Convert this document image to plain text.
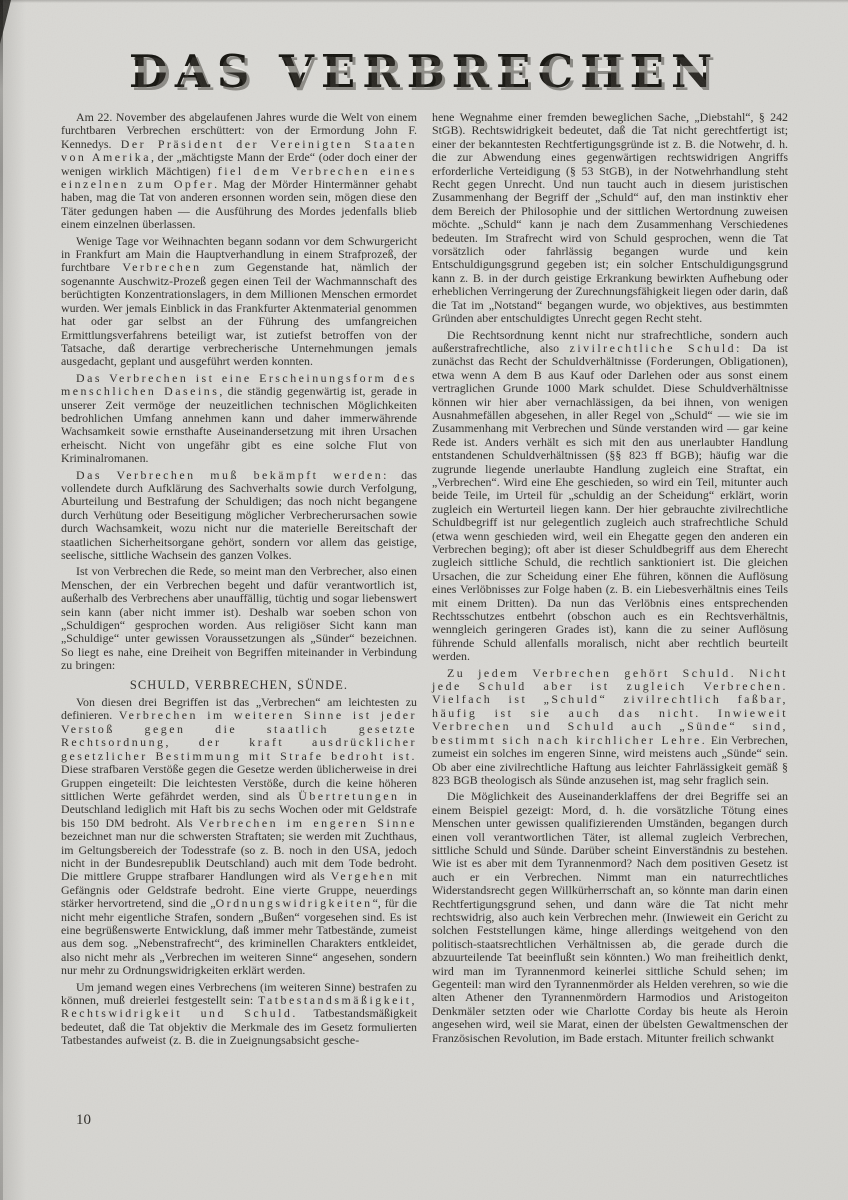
DAS VERBRECHEN

Am 22. November des abgelaufenen Jahres wurde die Welt von einem furchtbaren Verbrechen erschüttert: von der Ermordung John F. Kennedys. Der Präsident der Vereinigten Staaten von Amerika, der „mächtigste Mann der Erde“ (oder doch einer der wenigen wirklich Mächtigen) fiel dem Verbrechen eines einzelnen zum Opfer. Mag der Mörder Hintermänner gehabt haben, mag die Tat von anderen ersonnen worden sein, mögen diese den Täter gedungen haben — die Ausführung des Mordes jedenfalls blieb einem einzelnen überlassen.

Wenige Tage vor Weihnachten begann sodann vor dem Schwurgericht in Frankfurt am Main die Hauptverhandlung in einem Strafprozeß, der furchtbare Verbrechen zum Gegenstande hat, nämlich der sogenannte Auschwitz-Prozeß gegen einen Teil der Wachmannschaft des berüchtigten Konzentrationslagers, in dem Millionen Menschen ermordet wurden. Wer jemals Einblick in das Frankfurter Aktenmaterial genommen hat oder gar selbst an der Führung des umfangreichen Ermittlungsverfahrens beteiligt war, ist zutiefst betroffen von der Tatsache, daß derartige verbrecherische Unternehmungen jemals ausgedacht, geplant und ausgeführt werden konnten.

Das Verbrechen ist eine Erscheinungsform des menschlichen Daseins, die ständig gegenwärtig ist, gerade in unserer Zeit vermöge der neuzeitlichen technischen Möglichkeiten bedrohlichen Umfang annehmen kann und daher immerwährende Wachsamkeit sowie ernsthafte Auseinandersetzung mit ihren Ursachen erheischt. Nicht von ungefähr gibt es eine solche Flut von Kriminalromanen.

Das Verbrechen muß bekämpft werden: das vollendete durch Aufklärung des Sachverhalts sowie durch Verfolgung, Aburteilung und Bestrafung der Schuldigen; das noch nicht begangene durch Verhütung oder Beseitigung möglicher Verbrecherursachen sowie durch Wachsamkeit, wozu nicht nur die materielle Bereitschaft der staatlichen Sicherheitsorgane gehört, sondern vor allem das geistige, seelische, sittliche Wachsein des ganzen Volkes.

Ist von Verbrechen die Rede, so meint man den Verbrecher, also einen Menschen, der ein Verbrechen begeht und dafür verantwortlich ist, außerhalb des Verbrechens aber unauffällig, tüchtig und sogar liebenswert sein kann (aber nicht immer ist). Deshalb war soeben schon von „Schuldigen“ gesprochen worden. Aus religiöser Sicht kann man „Schuldige“ unter gewissen Voraussetzungen als „Sünder“ bezeichnen. So liegt es nahe, eine Dreiheit von Begriffen miteinander in Verbindung zu bringen:

SCHULD, VERBRECHEN, SÜNDE.

Von diesen drei Begriffen ist das „Verbrechen“ am leichtesten zu definieren. Verbrechen im weiteren Sinne ist jeder Verstoß gegen die staatlich gesetzte Rechtsordnung, der kraft ausdrücklicher gesetzlicher Bestimmung mit Strafe bedroht ist. Diese strafbaren Verstöße gegen die Gesetze werden üblicherweise in drei Gruppen eingeteilt: Die leichtesten Verstöße, durch die keine höheren sittlichen Werte gefährdet werden, sind als Übertretungen in Deutschland lediglich mit Haft bis zu sechs Wochen oder mit Geldstrafe bis 150 DM bedroht. Als Verbrechen im engeren Sinne bezeichnet man nur die schwersten Straftaten; sie werden mit Zuchthaus, im Geltungsbereich der Todesstrafe (so z. B. noch in den USA, jedoch nicht in der Bundesrepublik Deutschland) auch mit dem Tode bedroht. Die mittlere Gruppe strafbarer Handlungen wird als Vergehen mit Gefängnis oder Geldstrafe bedroht. Eine vierte Gruppe, neuerdings stärker hervortretend, sind die „Ordnungswidrigkeiten“, für die nicht mehr eigentliche Strafen, sondern „Bußen“ vorgesehen sind. Es ist eine begrüßenswerte Entwicklung, daß immer mehr Tatbestände, zumeist aus dem sog. „Nebenstrafrecht“, des kriminellen Charakters entkleidet, also nicht mehr als „Verbrechen im weiteren Sinne“ angesehen, sondern nur mehr zu Ordnungswidrigkeiten erklärt werden.

Um jemand wegen eines Verbrechens (im weiteren Sinne) bestrafen zu können, muß dreierlei festgestellt sein: Tatbestandsmäßigkeit, Rechtswidrigkeit und Schuld. Tatbestandsmäßigkeit bedeutet, daß die Tat objektiv die Merkmale des im Gesetz formulierten Tatbestandes aufweist (z. B. die in Zueignungsabsicht gesche-

hene Wegnahme einer fremden beweglichen Sache, „Diebstahl“, § 242 StGB). Rechtswidrigkeit bedeutet, daß die Tat nicht gerechtfertigt ist; einer der bekanntesten Rechtfertigungsgründe ist z. B. die Notwehr, d. h. die zur Abwendung eines gegenwärtigen rechtswidrigen Angriffs erforderliche Verteidigung (§ 53 StGB), in der Notwehrhandlung steht Recht gegen Unrecht. Und nun taucht auch in diesem juristischen Zusammenhang der Begriff der „Schuld“ auf, den man instinktiv eher dem Bereich der Philosophie und der sittlichen Wertordnung zuweisen möchte. „Schuld“ kann je nach dem Zusammenhang Verschiedenes bedeuten. Im Strafrecht wird von Schuld gesprochen, wenn die Tat vorsätzlich oder fahrlässig begangen wurde und kein Entschuldigungsgrund gegeben ist; ein solcher Entschuldigungsgrund kann z. B. in der durch geistige Erkrankung bewirkten Aufhebung oder erheblichen Verringerung der Zurechnungsfähigkeit liegen oder darin, daß die Tat im „Notstand“ begangen wurde, wo objektives, aus bestimmten Gründen aber entschuldigtes Unrecht gegen Recht steht.

Die Rechtsordnung kennt nicht nur strafrechtliche, sondern auch außerstrafrechtliche, also zivilrechtliche Schuld: Da ist zunächst das Recht der Schuldverhältnisse (Forderungen, Obligationen), etwa wenn A dem B aus Kauf oder Darlehen oder aus sonst einem vertraglichen Grunde 1000 Mark schuldet. Diese Schuldverhältnisse können wir hier aber vernachlässigen, da bei ihnen, von wenigen Ausnahmefällen abgesehen, in aller Regel von „Schuld“ — wie sie im Zusammenhang mit Verbrechen und Sünde verstanden wird — gar keine Rede ist. Anders verhält es sich mit den aus unerlaubter Handlung entstandenen Schuldverhältnissen (§§ 823 ff BGB); häufig war die zugrunde liegende unerlaubte Handlung zugleich eine Straftat, ein „Verbrechen“. Wird eine Ehe geschieden, so wird ein Teil, mitunter auch beide Teile, im Urteil für „schuldig an der Scheidung“ erklärt, worin zugleich ein Werturteil liegen kann. Der hier gebrauchte zivilrechtliche Schuldbegriff ist nur gelegentlich zugleich auch strafrechtliche Schuld (etwa wenn geschieden wird, weil ein Ehegatte gegen den anderen ein Verbrechen beging); oft aber ist dieser Schuldbegriff aus dem Eherecht zugleich sittliche Schuld, die rechtlich sanktioniert ist. Die gleichen Ursachen, die zur Scheidung einer Ehe führen, können die Auflösung eines Verlöbnisses zur Folge haben (z. B. ein Liebesverhältnis eines Teils mit einem Dritten). Da nun das Verlöbnis eines entsprechenden Rechtsschutzes entbehrt (obschon auch es ein Rechtsverhältnis, wenngleich geringeren Grades ist), kann die zu seiner Auflösung führende Schuld allenfalls moralisch, nicht aber rechtlich beurteilt werden.

Zu jedem Verbrechen gehört Schuld. Nicht jede Schuld aber ist zugleich Verbrechen. Vielfach ist „Schuld“ zivilrechtlich faßbar, häufig ist sie auch das nicht. Inwieweit Verbrechen und Schuld auch „Sünde“ sind, bestimmt sich nach kirchlicher Lehre. Ein Verbrechen, zumeist ein solches im engeren Sinne, wird meistens auch „Sünde“ sein. Ob aber eine zivilrechtliche Haftung aus leichter Fahrlässigkeit gemäß § 823 BGB theologisch als Sünde anzusehen ist, mag sehr fraglich sein.

Die Möglichkeit des Auseinanderklaffens der drei Begriffe sei an einem Beispiel gezeigt: Mord, d. h. die vorsätzliche Tötung eines Menschen unter gewissen qualifizierenden Umständen, begangen durch einen voll verantwortlichen Täter, ist allemal zugleich Verbrechen, sittliche Schuld und Sünde. Darüber scheint Einverständnis zu bestehen. Wie ist es aber mit dem Tyrannenmord? Nach dem positiven Gesetz ist auch er ein Verbrechen. Nimmt man ein naturrechtliches Widerstandsrecht gegen Willkürherrschaft an, so könnte man darin einen Rechtfertigungsgrund sehen, und dann wäre die Tat nicht mehr rechtswidrig, also auch kein Verbrechen mehr. (Inwieweit ein Gericht zu solchen Feststellungen käme, hinge allerdings weitgehend von den politisch-staatsrechtlichen Verhältnissen ab, die gerade durch die abzuurteilende Tat beeinflußt sein könnten.) Wo man freiheitlich denkt, wird man im Tyrannenmord keinerlei sittliche Schuld sehen; im Gegenteil: man wird den Tyrannenmörder als Helden verehren, so wie die alten Athener den Tyrannenmördern Harmodios und Aristogeiton Denkmäler setzten oder wie Charlotte Corday bis heute als Heroin angesehen wird, weil sie Marat, einen der übelsten Gewaltmenschen der Französischen Revolution, im Bade erstach. Mitunter freilich schwankt

10
